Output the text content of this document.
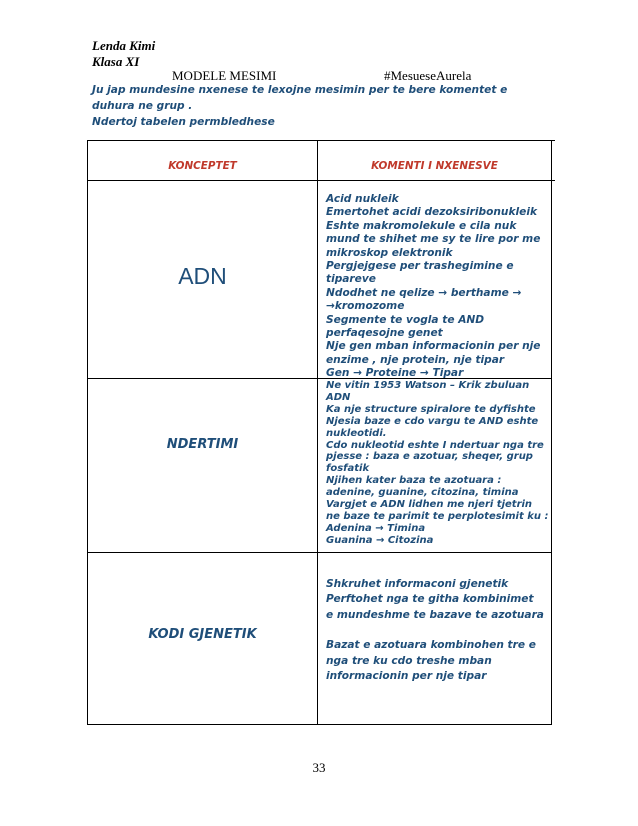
Lenda Kimi
Klasa XI
MODELE MESIMI	#MesueseAurela
Ju jap mundesine nxenese te lexojne mesimin per te bere komentet e
duhura ne grup .
Ndertoj tabelen permbledhese
KONCEPTET	KOMENTI I NXENESVE
ADN
Acid nukleik
Emertohet acidi dezoksiribonukleik
Eshte makromolekule e cila nuk
mund te shihet me sy te lire por me
mikroskop elektronik
Pergjejgese per trashegimine e
tipareve
Ndodhet ne qelize → berthame →
→kromozome
Segmente te vogla te AND
perfaqesojne genet
Nje gen mban informacionin per nje
enzime , nje protein, nje tipar
Gen → Proteine → Tipar
NDERTIMI
Ne vitin 1953 Watson – Krik zbuluan
ADN
Ka nje structure spiralore te dyfishte
Njesia baze e cdo vargu te AND eshte
nukleotidi.
Cdo nukleotid eshte I ndertuar nga tre
pjesse : baza e azotuar, sheqer, grup
fosfatik
Njihen kater baza te azotuara :
adenine, guanine, citozina, timina
Vargjet e ADN lidhen me njeri tjetrin
ne baze te parimit te perplotesimit ku :
Adenina → Timina
Guanina → Citozina
KODI GJENETIK
Shkruhet informaconi gjenetik
Perftohet nga te githa kombinimet
e mundeshme te bazave te azotuara
Bazat e azotuara kombinohen tre e
nga tre ku cdo treshe mban
informacionin per nje tipar
33
